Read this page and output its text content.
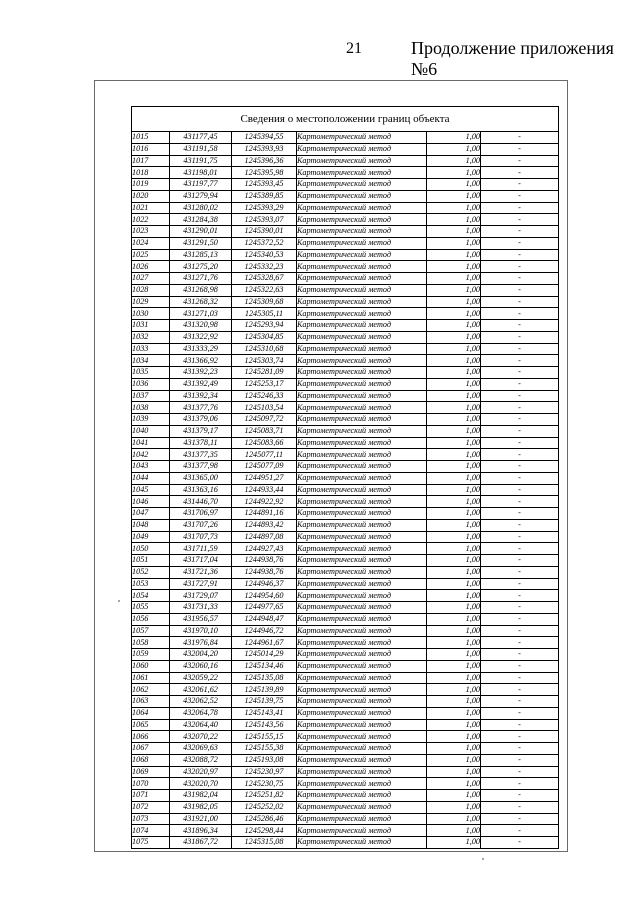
21	Продолжение приложения №6
Сведения о местоположении границ объекта					
1015	431177,45	1245394,55	Картометрический метод	1,00	-
1016	431191,58	1245393,93	Картометрический метод	1,00	-
1017	431191,75	1245396,36	Картометрический метод	1,00	-
1018	431198,01	1245395,98	Картометрический метод	1,00	-
1019	431197,77	1245393,45	Картометрический метод	1,00	-
1020	431279,94	1245389,85	Картометрический метод	1,00	-
1021	431280,02	1245393,29	Картометрический метод	1,00	-
1022	431284,38	1245393,07	Картометрический метод	1,00	-
1023	431290,01	1245390,01	Картометрический метод	1,00	-
1024	431291,50	1245372,52	Картометрический метод	1,00	-
1025	431285,13	1245340,53	Картометрический метод	1,00	-
1026	431275,20	1245332,23	Картометрический метод	1,00	-
1027	431271,76	1245328,67	Картометрический метод	1,00	-
1028	431268,98	1245322,63	Картометрический метод	1,00	-
1029	431268,32	1245309,68	Картометрический метод	1,00	-
1030	431271,03	1245305,11	Картометрический метод	1,00	-
1031	431320,98	1245293,94	Картометрический метод	1,00	-
1032	431322,92	1245304,85	Картометрический метод	1,00	-
1033	431333,29	1245310,68	Картометрический метод	1,00	-
1034	431366,92	1245303,74	Картометрический метод	1,00	-
1035	431392,23	1245281,09	Картометрический метод	1,00	-
1036	431392,49	1245253,17	Картометрический метод	1,00	-
1037	431392,34	1245246,33	Картометрический метод	1,00	-
1038	431377,76	1245103,54	Картометрический метод	1,00	-
1039	431379,06	1245097,72	Картометрический метод	1,00	-
1040	431379,17	1245083,71	Картометрический метод	1,00	-
1041	431378,11	1245083,66	Картометрический метод	1,00	-
1042	431377,35	1245077,11	Картометрический метод	1,00	-
1043	431377,98	1245077,09	Картометрический метод	1,00	-
1044	431365,00	1244951,27	Картометрический метод	1,00	-
1045	431363,16	1244933,44	Картометрический метод	1,00	-
1046	431446,70	1244922,92	Картометрический метод	1,00	-
1047	431706,97	1244891,16	Картометрический метод	1,00	-
1048	431707,26	1244893,42	Картометрический метод	1,00	-
1049	431707,73	1244897,08	Картометрический метод	1,00	-
1050	431711,59	1244927,43	Картометрический метод	1,00	-
1051	431717,04	1244938,76	Картометрический метод	1,00	-
1052	431721,36	1244938,76	Картометрический метод	1,00	-
1053	431727,91	1244946,37	Картометрический метод	1,00	-
1054	431729,07	1244954,60	Картометрический метод	1,00	-
1055	431731,33	1244977,65	Картометрический метод	1,00	-
1056	431956,57	1244948,47	Картометрический метод	1,00	-
1057	431970,10	1244946,72	Картометрический метод	1,00	-
1058	431976,84	1244961,67	Картометрический метод	1,00	-
1059	432004,20	1245014,29	Картометрический метод	1,00	-
1060	432060,16	1245134,46	Картометрический метод	1,00	-
1061	432059,22	1245135,08	Картометрический метод	1,00	-
1062	432061,62	1245139,89	Картометрический метод	1,00	-
1063	432062,52	1245139,75	Картометрический метод	1,00	-
1064	432064,78	1245143,41	Картометрический метод	1,00	-
1065	432064,40	1245143,56	Картометрический метод	1,00	-
1066	432070,22	1245155,15	Картометрический метод	1,00	-
1067	432069,63	1245155,38	Картометрический метод	1,00	-
1068	432088,72	1245193,08	Картометрический метод	1,00	-
1069	432020,97	1245230,97	Картометрический метод	1,00	-
1070	432020,70	1245230,75	Картометрический метод	1,00	-
1071	431982,04	1245251,82	Картометрический метод	1,00	-
1072	431982,05	1245252,02	Картометрический метод	1,00	-
1073	431921,00	1245286,46	Картометрический метод	1,00	-
1074	431896,34	1245298,44	Картометрический метод	1,00	-
1075	431867,72	1245315,08	Картометрический метод	1,00	-
